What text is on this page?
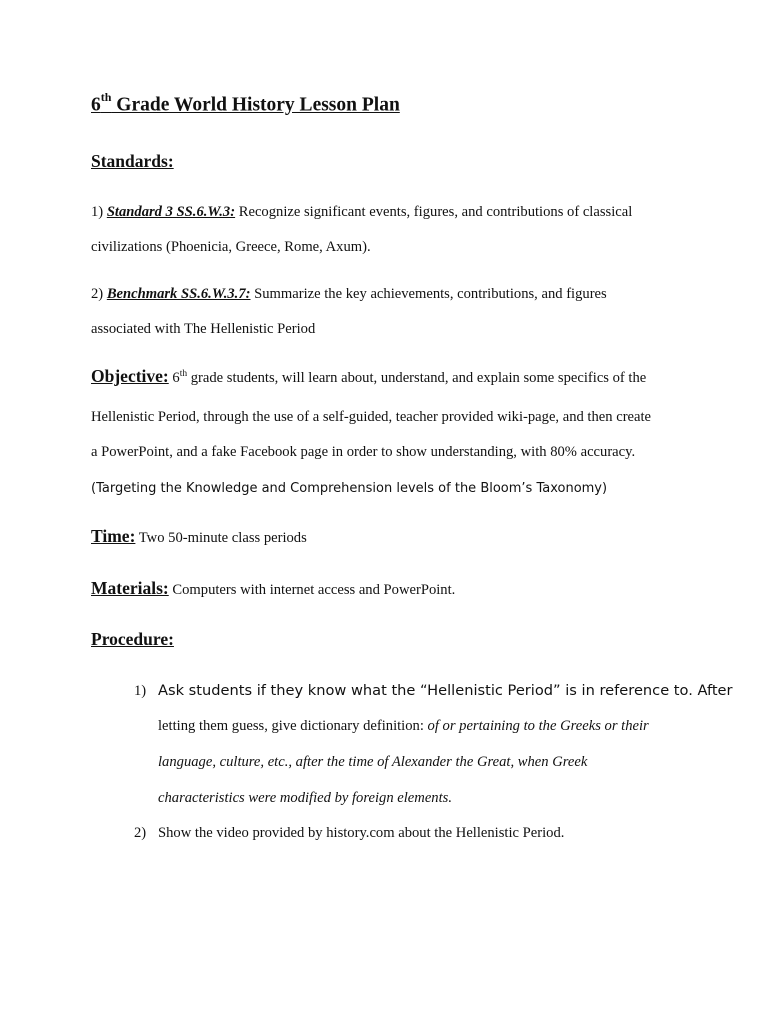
6th Grade World History Lesson Plan
Standards:
1) Standard 3 SS.6.W.3: Recognize significant events, figures, and contributions of classical
civilizations (Phoenicia, Greece, Rome, Axum).
2) Benchmark SS.6.W.3.7: Summarize the key achievements, contributions, and figures
associated with The Hellenistic Period
Objective: 6th grade students, will learn about, understand, and explain some specifics of the
Hellenistic Period, through the use of a self-guided, teacher provided wiki-page, and then create
a PowerPoint, and a fake Facebook page in order to show understanding, with 80% accuracy.
(Targeting the Knowledge and Comprehension levels of the Bloom’s Taxonomy)
Time: Two 50-minute class periods
Materials: Computers with internet access and PowerPoint.
Procedure:
1) Ask students if they know what the “Hellenistic Period” is in reference to. After
letting them guess, give dictionary definition: of or pertaining to the Greeks or their
language, culture, etc., after the time of Alexander the Great, when Greek
characteristics were modified by foreign elements.
2) Show the video provided by history.com about the Hellenistic Period.
